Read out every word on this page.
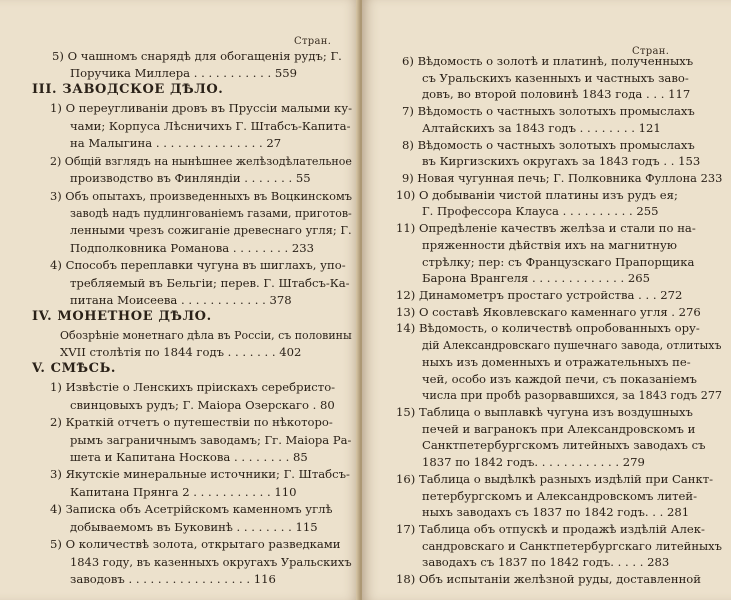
Стран.
Стран.
5) О чашномъ снарядѣ для обогащенія рудъ; Г.
Поручика Миллера . . . . . . . . . . . 559
III. ЗАВОДСКОЕ ДѢЛО.
1) О переугливаніи дровъ въ Пруссіи малыми ку-
чами; Корпуса Лѣсничихъ Г. Штабсъ-Капита-
на Малыгина . . . . . . . . . . . . . . . 27
2) Общій взглядъ на нынѣшнее желѣзодѣлательное
производство въ Финляндіи . . . . . . . 55
3) Объ опытахъ, произведенныхъ въ Воцкинскомъ
заводѣ надъ пудлингованіемъ газами, приготов-
ленными чрезъ сожиганіе древеснаго угля; Г.
Подполковника Романова . . . . . . . . 233
4) Способъ переплавки чугуна въ шиглахъ, упо-
требляемый въ Бельгіи; перев. Г. Штабсъ-Ка-
питана Моисеева . . . . . . . . . . . . 378
IV. МОНЕТНОЕ ДѢЛО.
Обозрѣніе монетнаго дѣла въ Россіи, съ половины
XVII столѣтія по 1844 годъ . . . . . . . 402
V. СМѢСЬ.
1) Извѣстіе о Ленскихъ пріискахъ серебристо-
свинцовыхъ рудъ; Г. Маіора Озерскаго . 80
2) Краткій отчетъ о путешествіи по нѣкоторо-
рымъ заграничнымъ заводамъ; Гг. Маіора Ра-
шета и Капитана Носкова . . . . . . . . 85
3) Якутскіе минеральные источники; Г. Штабсъ-
Капитана Прянга 2 . . . . . . . . . . . 110
4) Записка объ Асетрійскомъ каменномъ углѣ
добываемомъ въ Буковинѣ . . . . . . . . 115
5) О количествѣ золота, открытаго разведками
1843 году, въ казенныхъ округахъ Уральскихъ
заводовъ . . . . . . . . . . . . . . . . . 116
6) Вѣдомость о золотѣ и платинѣ, полученныхъ
съ Уральскихъ казенныхъ и частныхъ заво-
довъ, во второй половинѣ 1843 года . . . 117
7) Вѣдомость о частныхъ золотыхъ промыслахъ
Алтайскихъ за 1843 годъ . . . . . . . . 121
8) Вѣдомость о частныхъ золотыхъ промыслахъ
въ Киргизскихъ округахъ за 1843 годъ . . 153
9) Новая чугунная печь; Г. Полковника Фуллона 233
10) О добываніи чистой платины изъ рудъ ея;
Г. Профессора Клауса . . . . . . . . . . 255
11) Опредѣленіе качествъ желѣза и стали по на-
пряженности дѣйствія ихъ на магнитную
стрѣлку; пер: съ Французскаго Прапорщика
Барона Врангеля . . . . . . . . . . . . . 265
12) Динамометръ простаго устройства . . . 272
13) О составѣ Яковлевскаго каменнаго угля . 276
14) Вѣдомость, о количествѣ опробованныхъ ору-
дій Александровскаго пушечнаго завода, отлитыхъ
ныхъ изъ доменныхъ и отражательныхъ пе-
чей, особо изъ каждой печи, съ показаніемъ
числа при пробѣ разорвавшихся, за 1843 годъ 277
15) Таблица о выплавкѣ чугуна изъ воздушныхъ
печей и вагранокъ при Александровскомъ и
Санктпетербургскомъ литейныхъ заводахъ съ
1837 по 1842 годъ. . . . . . . . . . . . 279
16) Таблица о выдѣлкѣ разныхъ издѣлій при Санкт-
петербургскомъ и Александровскомъ литей-
ныхъ заводахъ съ 1837 по 1842 годъ. . . 281
17) Таблица объ отпускѣ и продажѣ издѣлій Алек-
сандровскаго и Санктпетербургскаго литейныхъ
заводахъ съ 1837 по 1842 годъ. . . . . 283
18) Объ испытаніи желѣзной руды, доставленной
